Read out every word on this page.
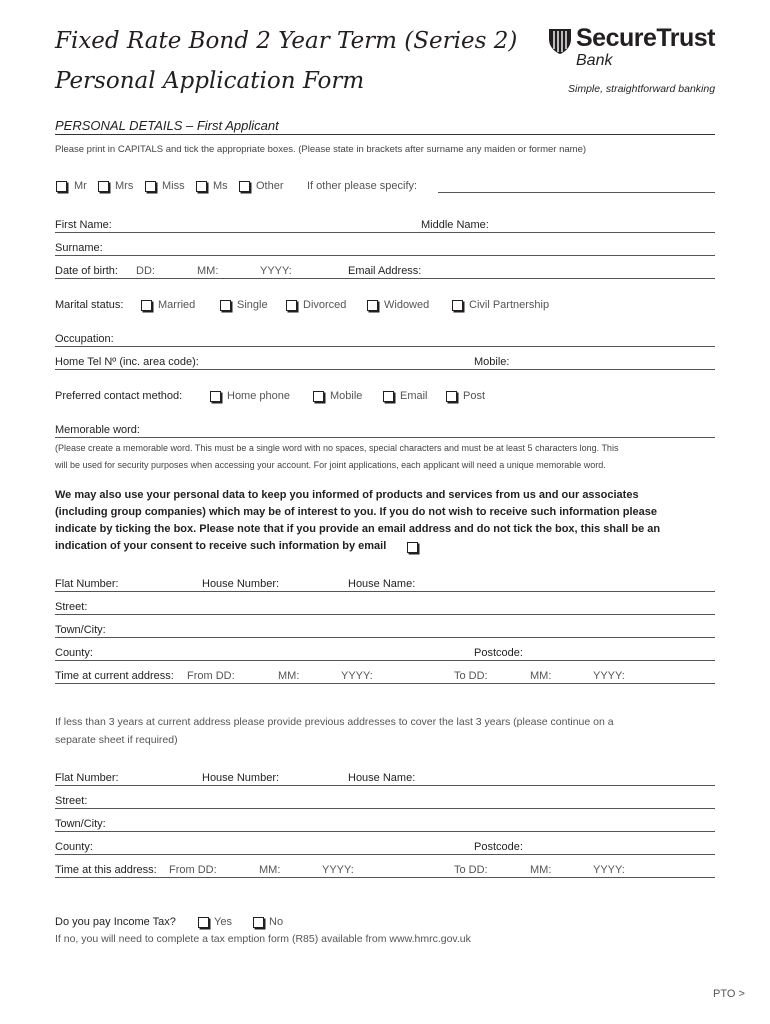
Fixed Rate Bond 2 Year Term (Series 2)
Personal Application Form
SecureTrust
Bank
Simple, straightforward banking
PERSONAL DETAILS – First Applicant
Please print in CAPITALS and tick the appropriate boxes. (Please state in brackets after surname any maiden or former name)
Mr	Mrs	Miss	Ms	Other If other please specify:
First Name:	Middle Name:
Surname:
Date of birth: DD:	MM:	YYYY:	Email Address:
Marital status:	Married	Single	Divorced	Widowed	Civil Partnership
Occupation:
Home Tel Nº (inc. area code):	Mobile:
Preferred contact method:	Home phone	Mobile	Email	Post
Memorable word:
(Please create a memorable word. This must be a single word with no spaces, special characters and must be at least 5 characters long. This
will be used for security purposes when accessing your account. For joint applications, each applicant will need a unique memorable word.
We may also use your personal data to keep you informed of products and services from us and our associates
(including group companies) which may be of interest to you. If you do not wish to receive such information please
indicate by ticking the box. Please note that if you provide an email address and do not tick the box, this shall be an
indication of your consent to receive such information by email
Flat Number:	House Number:	House Name:
Street:
Town/City:
County:	Postcode:
Time at current address: From DD:	MM:	YYYY:	To DD:	MM:	YYYY:
If less than 3 years at current address please provide previous addresses to cover the last 3 years (please continue on a
separate sheet if required)
Flat Number:	House Number:	House Name:
Street:
Town/City:
County:	Postcode:
Time at this address: From DD:	MM:	YYYY:	To DD:	MM:	YYYY:
Do you pay Income Tax?	Yes	No
If no, you will need to complete a tax emption form (R85) available from www.hmrc.gov.uk
PTO >
